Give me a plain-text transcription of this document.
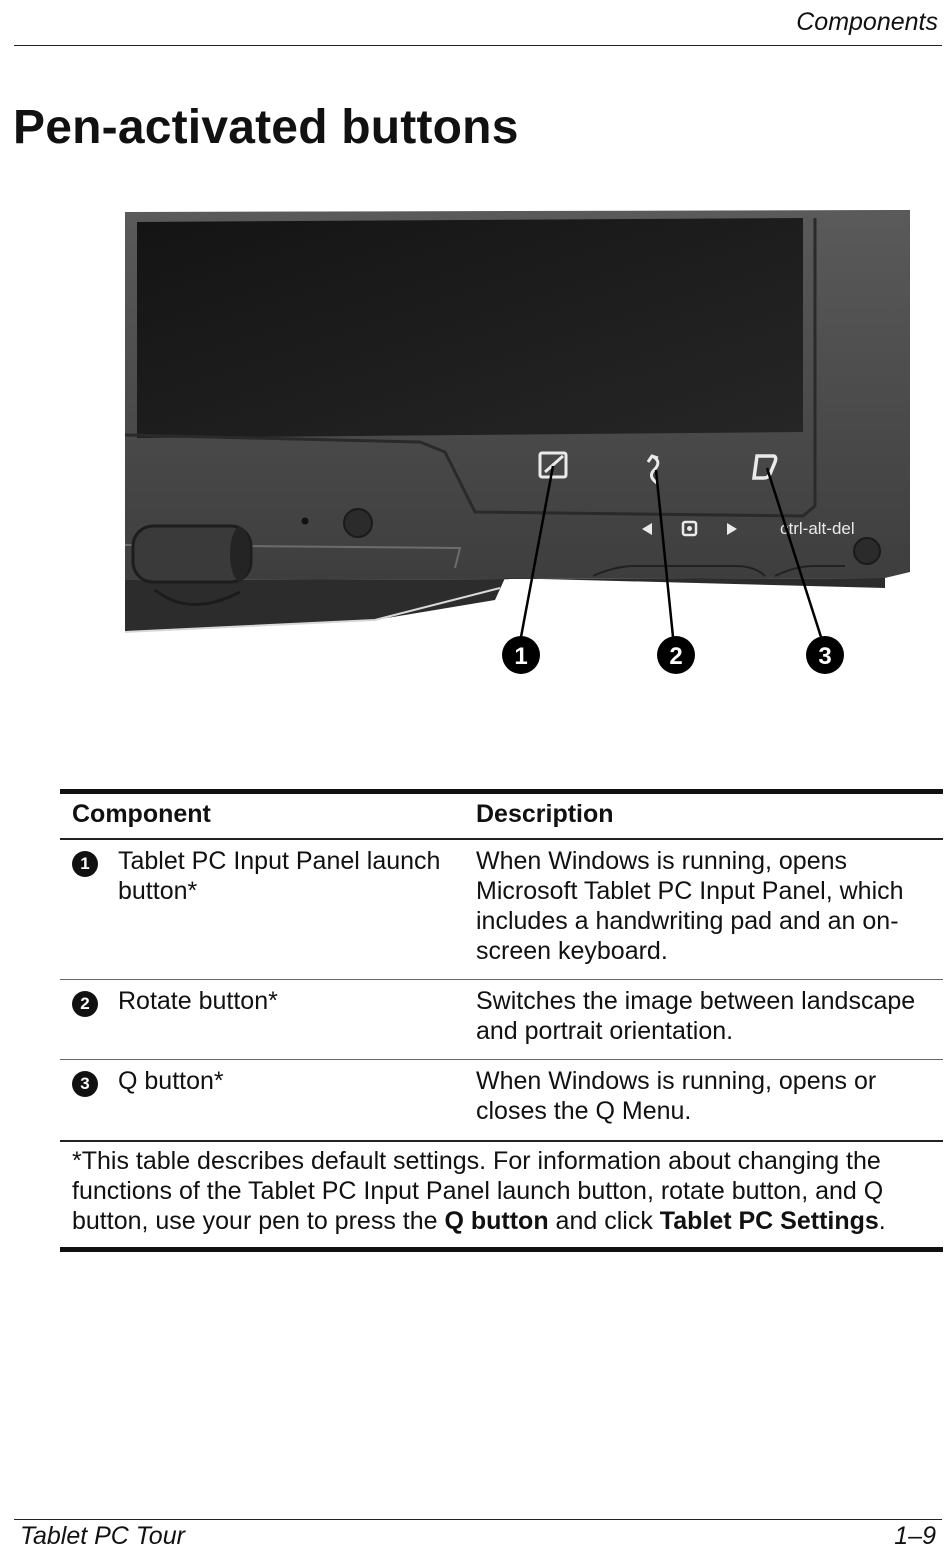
Components
Pen-activated buttons
ctrl-alt-del
1	2	3

Component		Description
1	Tablet PC Input Panel launch button*	When Windows is running, opens Microsoft Tablet PC Input Panel, which includes a handwriting pad and an on-screen keyboard.
2	Rotate button*	Switches the image between landscape and portrait orientation.
3	Q button*	When Windows is running, opens or closes the Q Menu.
*This table describes default settings. For information about changing the functions of the Tablet PC Input Panel launch button, rotate button, and Q button, use your pen to press the Q button and click Tablet PC Settings.		
Tablet PC Tour	1–9
